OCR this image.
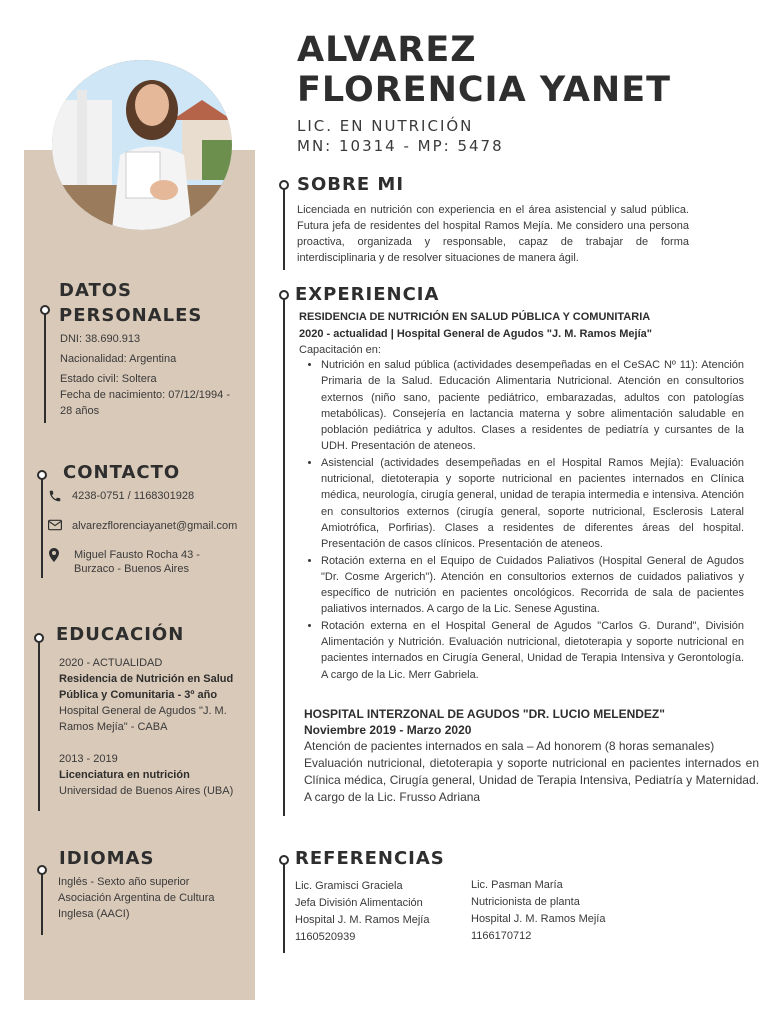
ALVAREZ
FLORENCIA YANET
LIC. EN NUTRICIÓN
MN: 10314 - MP: 5478
SOBRE MI
Licenciada en nutrición con experiencia en el área asistencial y salud pública. Futura jefa de residentes del hospital Ramos Mejía. Me considero una persona proactiva, organizada y responsable, capaz de trabajar de forma interdisciplinaria y de resolver situaciones de manera ágil.
EXPERIENCIA
RESIDENCIA DE NUTRICIÓN EN SALUD PÚBLICA Y COMUNITARIA
2020 - actualidad | Hospital General de Agudos "J. M. Ramos Mejía"
Capacitación en:
• Nutrición en salud pública (actividades desempeñadas en el CeSAC Nº 11): Atención Primaria de la Salud. Educación Alimentaria Nutricional. Atención en consultorios externos (niño sano, paciente pediátrico, embarazadas, adultos con patologías metabólicas). Consejería en lactancia materna y sobre alimentación saludable en población pediátrica y adultos. Clases a residentes de pediatría y cursantes de la UDH. Presentación de ateneos.
• Asistencial (actividades desempeñadas en el Hospital Ramos Mejía): Evaluación nutricional, dietoterapia y soporte nutricional en pacientes internados en Clínica médica, neurología, cirugía general, unidad de terapia intermedia e intensiva. Atención en consultorios externos (cirugía general, soporte nutricional, Esclerosis Lateral Amiotrófica, Porfirias). Clases a residentes de diferentes áreas del hospital. Presentación de casos clínicos. Presentación de ateneos.
• Rotación externa en el Equipo de Cuidados Paliativos (Hospital General de Agudos "Dr. Cosme Argerich"). Atención en consultorios externos de cuidados paliativos y específico de nutrición en pacientes oncológicos. Recorrida de sala de pacientes paliativos internados. A cargo de la Lic. Senese Agustina.
• Rotación externa en el Hospital General de Agudos "Carlos G. Durand", División Alimentación y Nutrición. Evaluación nutricional, dietoterapia y soporte nutricional en pacientes internados en Cirugía General, Unidad de Terapia Intensiva y Gerontología. A cargo de la Lic. Merr Gabriela.
HOSPITAL INTERZONAL DE AGUDOS "DR. LUCIO MELENDEZ"
Noviembre 2019 - Marzo 2020
Atención de pacientes internados en sala – Ad honorem (8 horas semanales)
Evaluación nutricional, dietoterapia y soporte nutricional en pacientes internados en Clínica médica, Cirugía general, Unidad de Terapia Intensiva, Pediatría y Maternidad. A cargo de la Lic. Frusso Adriana
REFERENCIAS
Lic. Gramisci Graciela
Jefa División Alimentación
Hospital J. M. Ramos Mejía
1160520939
Lic. Pasman María
Nutricionista de planta
Hospital J. M. Ramos Mejía
1166170712
DATOS
PERSONALES
DNI: 38.690.913
Nacionalidad: Argentina
Estado civil: Soltera
Fecha de nacimiento: 07/12/1994 - 28 años
CONTACTO
4238-0751 / 1168301928
alvarezflorenciayanet@gmail.com
Miguel Fausto Rocha 43 - Burzaco - Buenos Aires
EDUCACIÓN
2020 - ACTUALIDAD
Residencia de Nutrición en Salud Pública y Comunitaria - 3º año
Hospital General de Agudos "J. M. Ramos Mejía" - CABA
2013 - 2019
Licenciatura en nutrición
Universidad de Buenos Aires (UBA)
IDIOMAS
Inglés - Sexto año superior Asociación Argentina de Cultura Inglesa (AACI)
